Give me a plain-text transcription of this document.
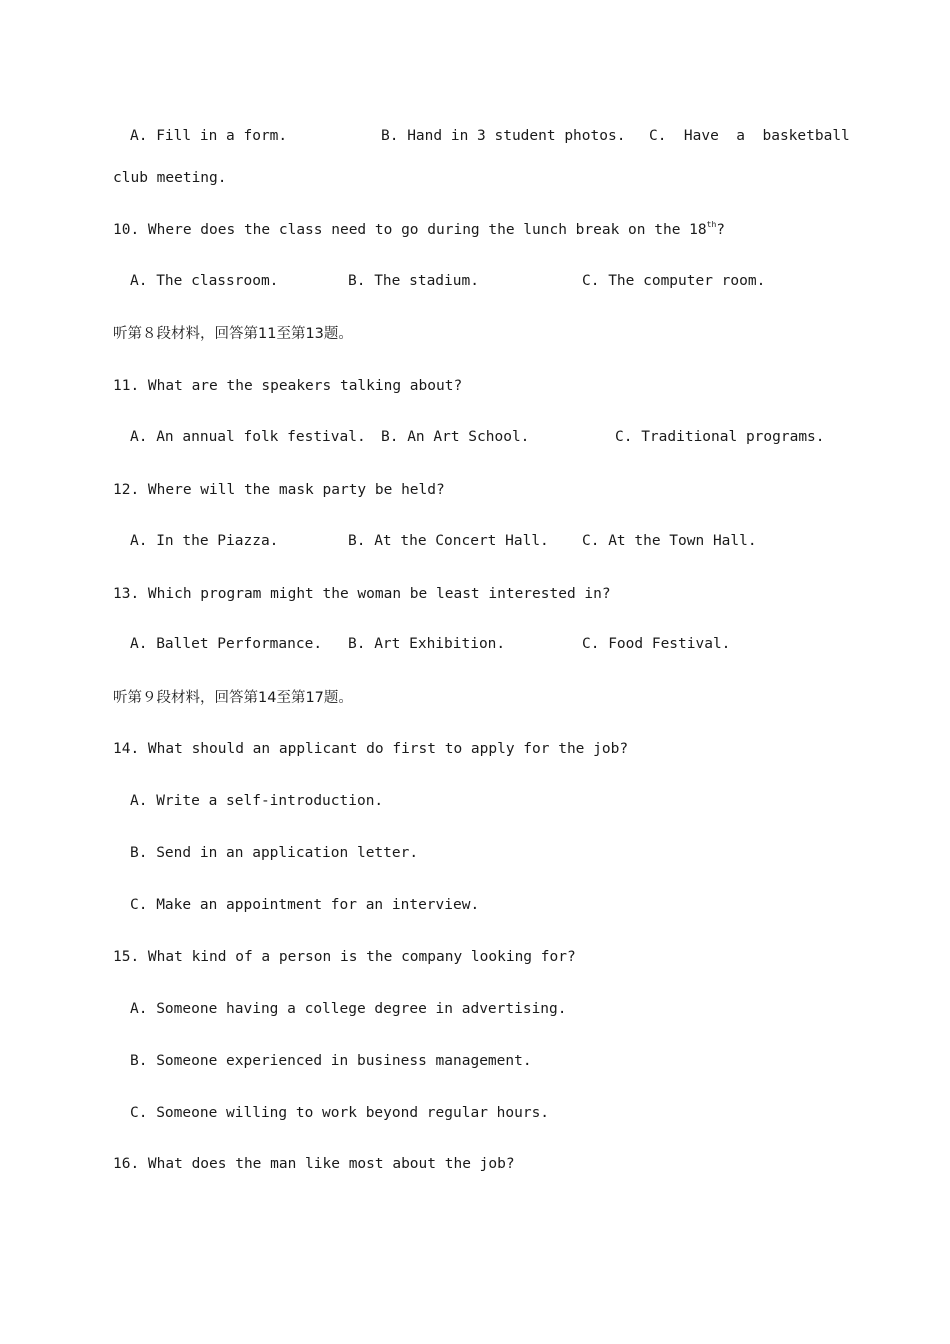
A. Fill in a form.	B. Hand in 3 student photos. C.  Have  a  basketball
club meeting.
10. Where does the class need to go during the lunch break on the 18th?
A. The classroom.	B. The stadium.	C. The computer room.
听第８段材料，回答第11至第13题。
11. What are the speakers talking about?
A. An annual folk festival. B. An Art School.	C. Traditional programs.
12. Where will the mask party be held?
A. In the Piazza.	B. At the Concert Hall. C. At the Town Hall.
13. Which program might the woman be least interested in?
A. Ballet Performance. B. Art Exhibition.	C. Food Festival.
听第９段材料，回答第14至第17题。
14. What should an applicant do first to apply for the job?
A. Write a self-introduction.
B. Send in an application letter.
C. Make an appointment for an interview.
15. What kind of a person is the company looking for?
A. Someone having a college degree in advertising.
B. Someone experienced in business management.
C. Someone willing to work beyond regular hours.
16. What does the man like most about the job?
